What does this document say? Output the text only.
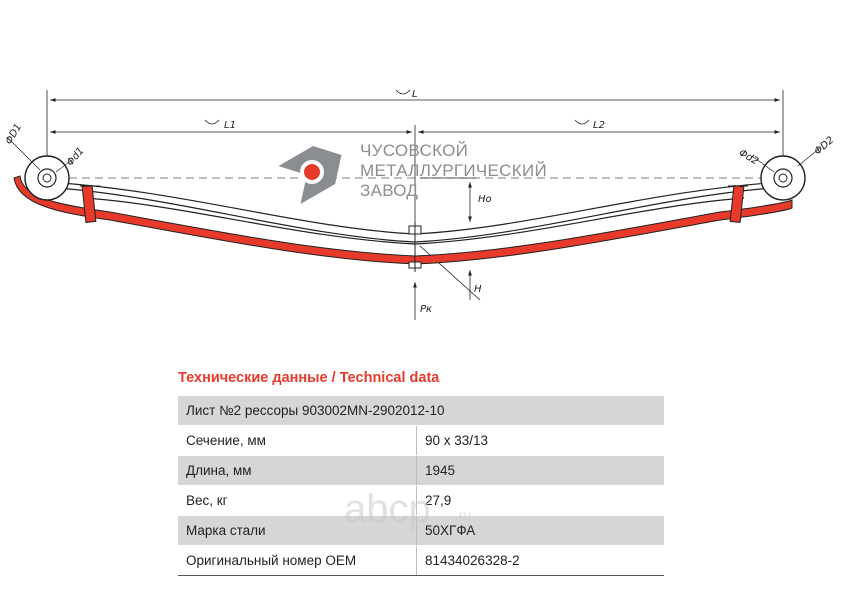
L
L1	L2
Ho
H
Pк
ΦD1
Φd1	ΦD2
Φd2
ЧУСОВСКОЙ
МЕТАЛЛУРГИЧЕСКИЙ
ЗАВОД
Технические данные / Technical data
Лист №2 рессоры 903002MN-2902012-10	
Сечение, мм	90 x 33/13
Длина, мм	1945
Вес, кг	27,9
Марка стали	50ХГФА
Оригинальный номер OEM	81434026328-2
abcp .ru
